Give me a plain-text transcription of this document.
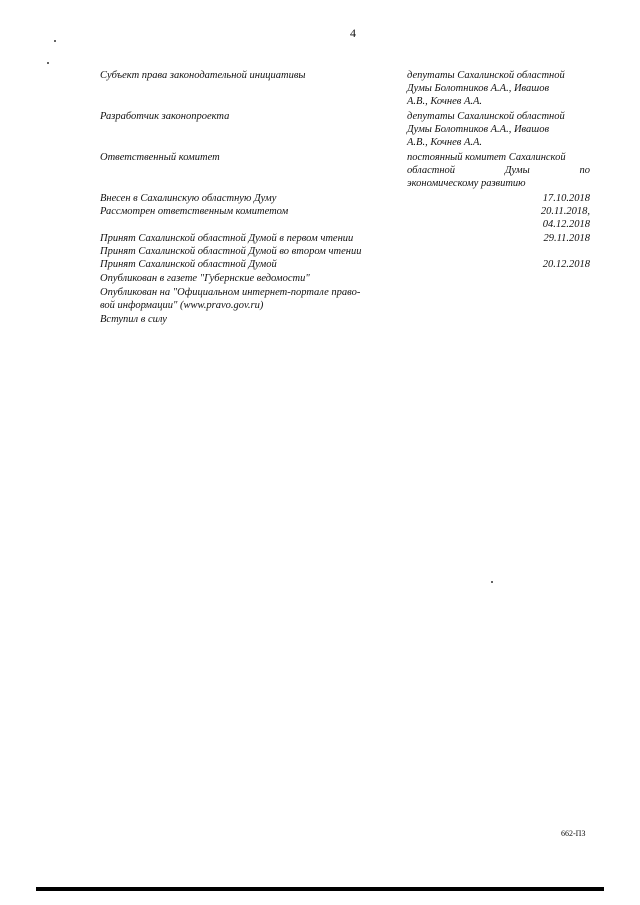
4
Субъект права законодательной инициативы	депутаты Сахалинской областной
Думы Болотников А.А., Ивашов
А.В., Кочнев А.А.
Разработчик законопроекта	депутаты Сахалинской областной
Думы Болотников А.А., Ивашов
А.В., Кочнев А.А.
Ответственный комитет	постоянный комитет Сахалинской
областной	Думы	по
экономическому развитию
Внесен в Сахалинскую областную Думу	17.10.2018
Рассмотрен ответственным комитетом	20.11.2018,
04.12.2018
Принят Сахалинской областной Думой в первом чтении	29.11.2018
Принят Сахалинской областной Думой во втором чтении
Принят Сахалинской областной Думой	20.12.2018
Опубликован в газете "Губернские ведомости"
Опубликован на "Официальном интернет-портале право-
вой информации" (www.pravo.gov.ru)
Вступил в силу
662-ПЗ
